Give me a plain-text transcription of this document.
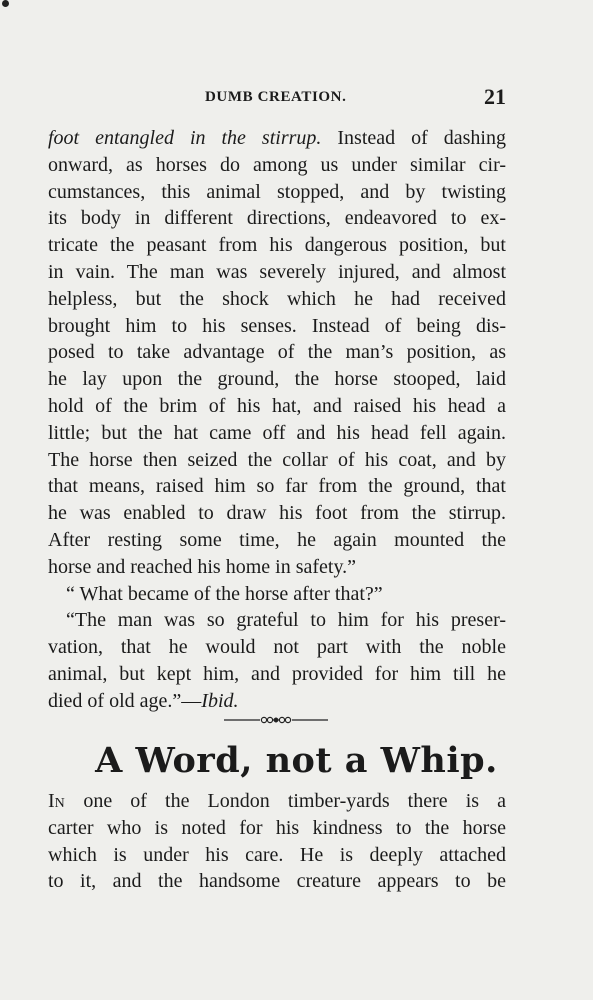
DUMB CREATION.	21
foot entangled in the stirrup. Instead of dashing
onward, as horses do among us under similar cir-
cumstances, this animal stopped, and by twisting
its body in different directions, endeavored to ex-
tricate the peasant from his dangerous position, but
in vain. The man was severely injured, and almost
helpless, but the shock which he had received
brought him to his senses. Instead of being dis-
posed to take advantage of the man’s position, as
he lay upon the ground, the horse stooped, laid
hold of the brim of his hat, and raised his head a
little; but the hat came off and his head fell again.
The horse then seized the collar of his coat, and by
that means, raised him so far from the ground, that
he was enabled to draw his foot from the stirrup.
After resting some time, he again mounted the
horse and reached his home in safety.”
“ What became of the horse after that?”
“The man was so grateful to him for his preser-
vation, that he would not part with the noble
animal, but kept him, and provided for him till he
died of old age.”—Ibid.
A Word, not a Whip.
IN one of the London timber-yards there is a
carter who is noted for his kindness to the horse
which is under his care. He is deeply attached
to it, and the handsome creature appears to be
